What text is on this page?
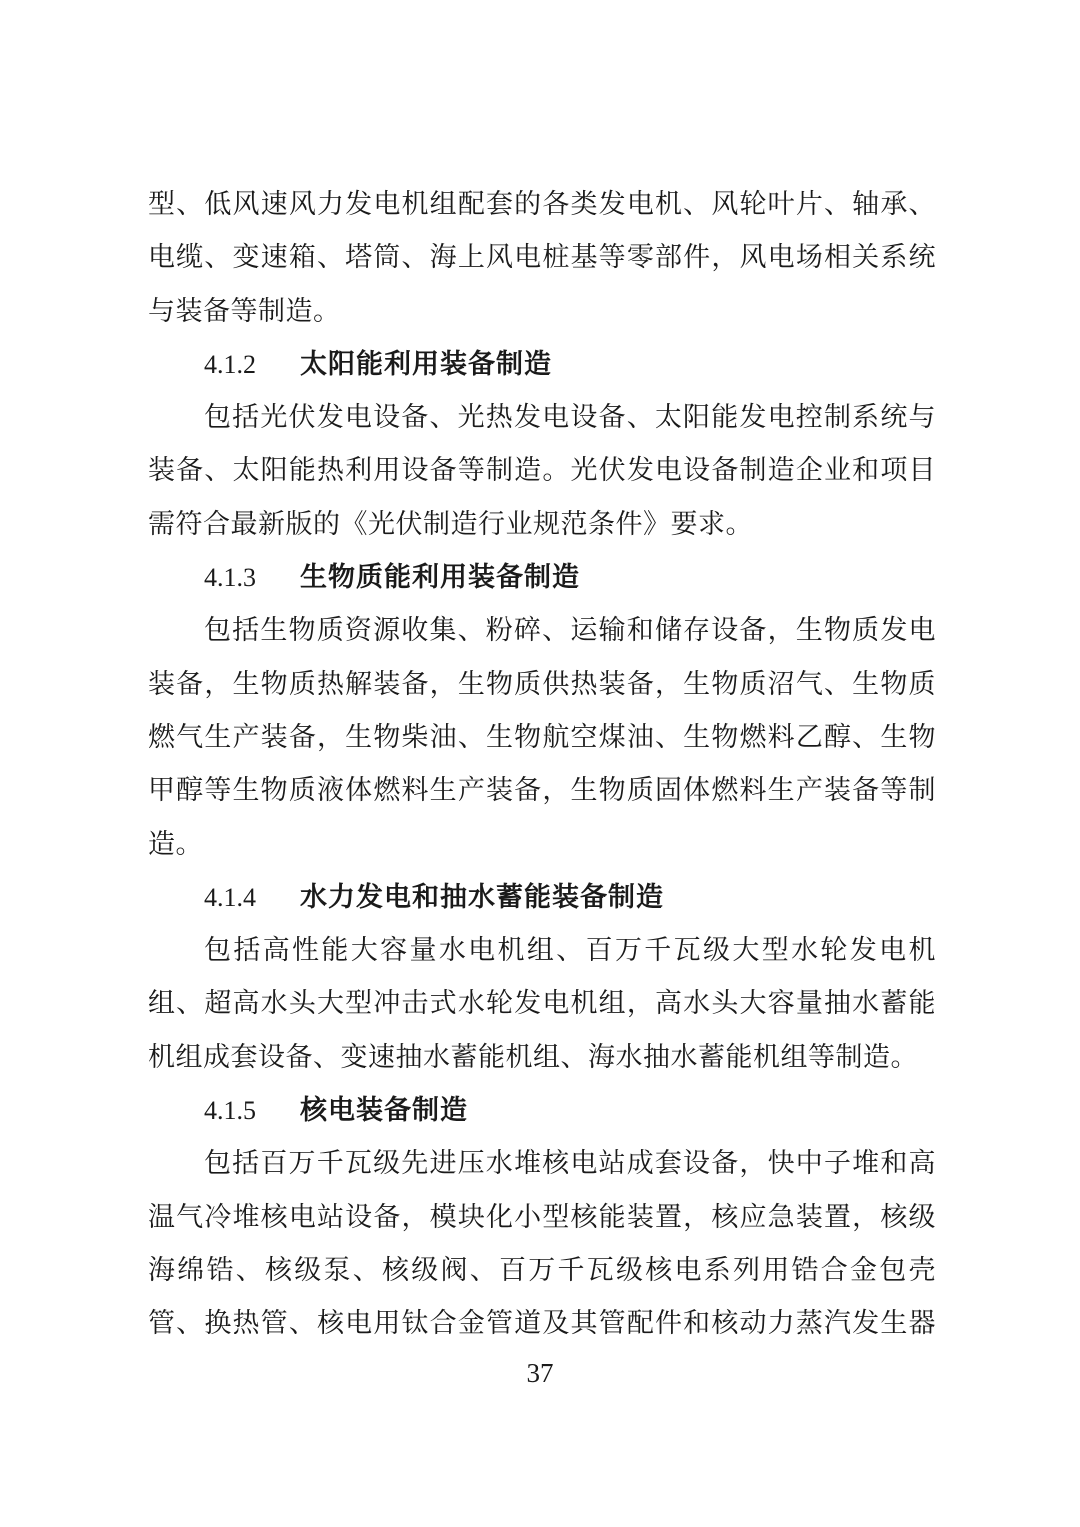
型、低风速风力发电机组配套的各类发电机、风轮叶片、轴承、
电缆、变速箱、塔筒、海上风电桩基等零部件，风电场相关系统
与装备等制造。
4.1.2 太阳能利用装备制造
包括光伏发电设备、光热发电设备、太阳能发电控制系统与
装备、太阳能热利用设备等制造。光伏发电设备制造企业和项目
需符合最新版的《光伏制造行业规范条件》要求。
4.1.3 生物质能利用装备制造
包括生物质资源收集、粉碎、运输和储存设备，生物质发电
装备，生物质热解装备，生物质供热装备，生物质沼气、生物质
燃气生产装备，生物柴油、生物航空煤油、生物燃料乙醇、生物
甲醇等生物质液体燃料生产装备，生物质固体燃料生产装备等制
造。
4.1.4 水力发电和抽水蓄能装备制造
包括高性能大容量水电机组、百万千瓦级大型水轮发电机
组、超高水头大型冲击式水轮发电机组，高水头大容量抽水蓄能
机组成套设备、变速抽水蓄能机组、海水抽水蓄能机组等制造。
4.1.5 核电装备制造
包括百万千瓦级先进压水堆核电站成套设备，快中子堆和高
温气冷堆核电站设备，模块化小型核能装置，核应急装置，核级
海绵锆、核级泵、核级阀、百万千瓦级核电系列用锆合金包壳
管、换热管、核电用钛合金管道及其管配件和核动力蒸汽发生器
37
